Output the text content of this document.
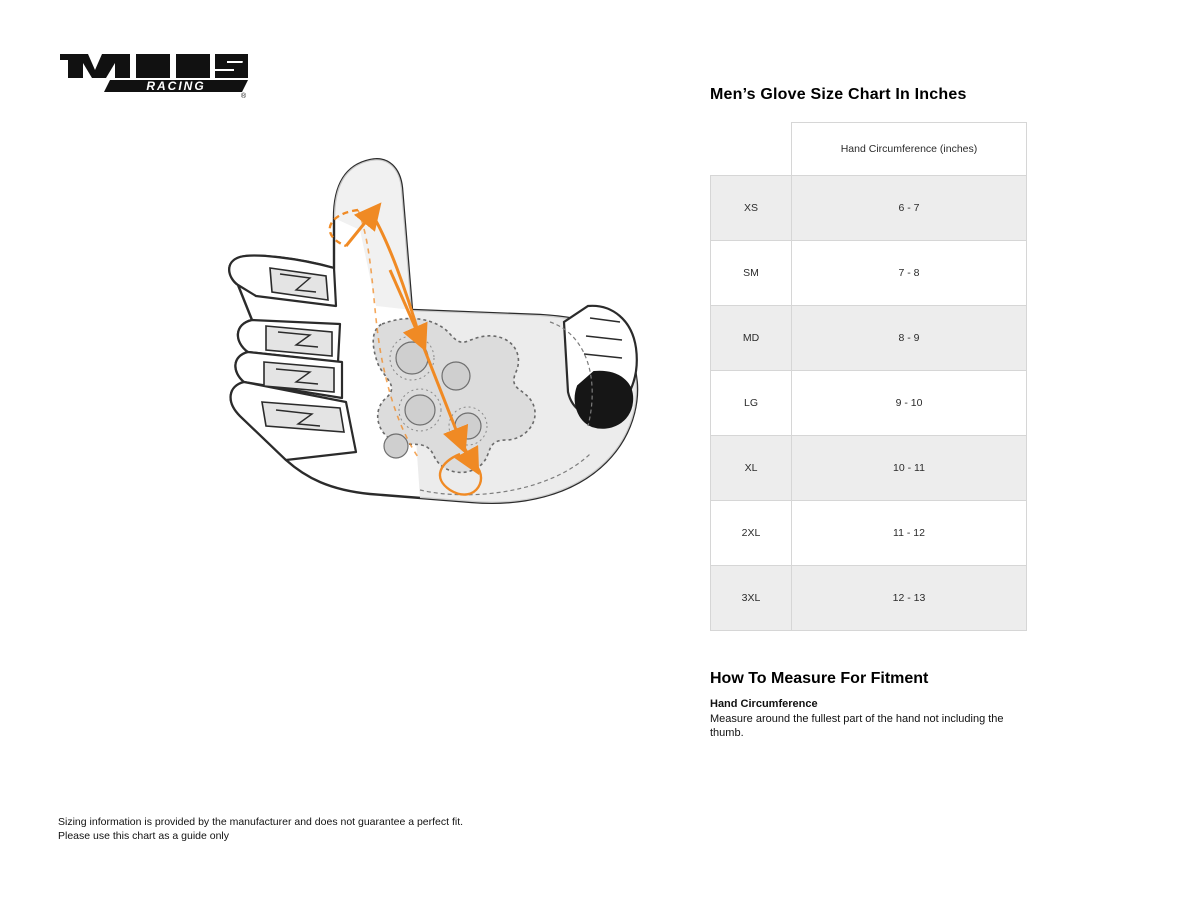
RACING
®	Men’s Glove Size Chart In Inches
	Hand Circumference (inches)
XS	6 - 7
SM	7 - 8
MD	8 - 9
LG	9 - 10
XL	10 - 11
2XL	11 - 12
3XL	12 - 13
How To Measure For Fitment

Hand Circumference

Measure around the fullest part of the hand not including the thumb.

Sizing information is provided by the manufacturer and does not guarantee a perfect fit.

Please use this chart as a guide only
